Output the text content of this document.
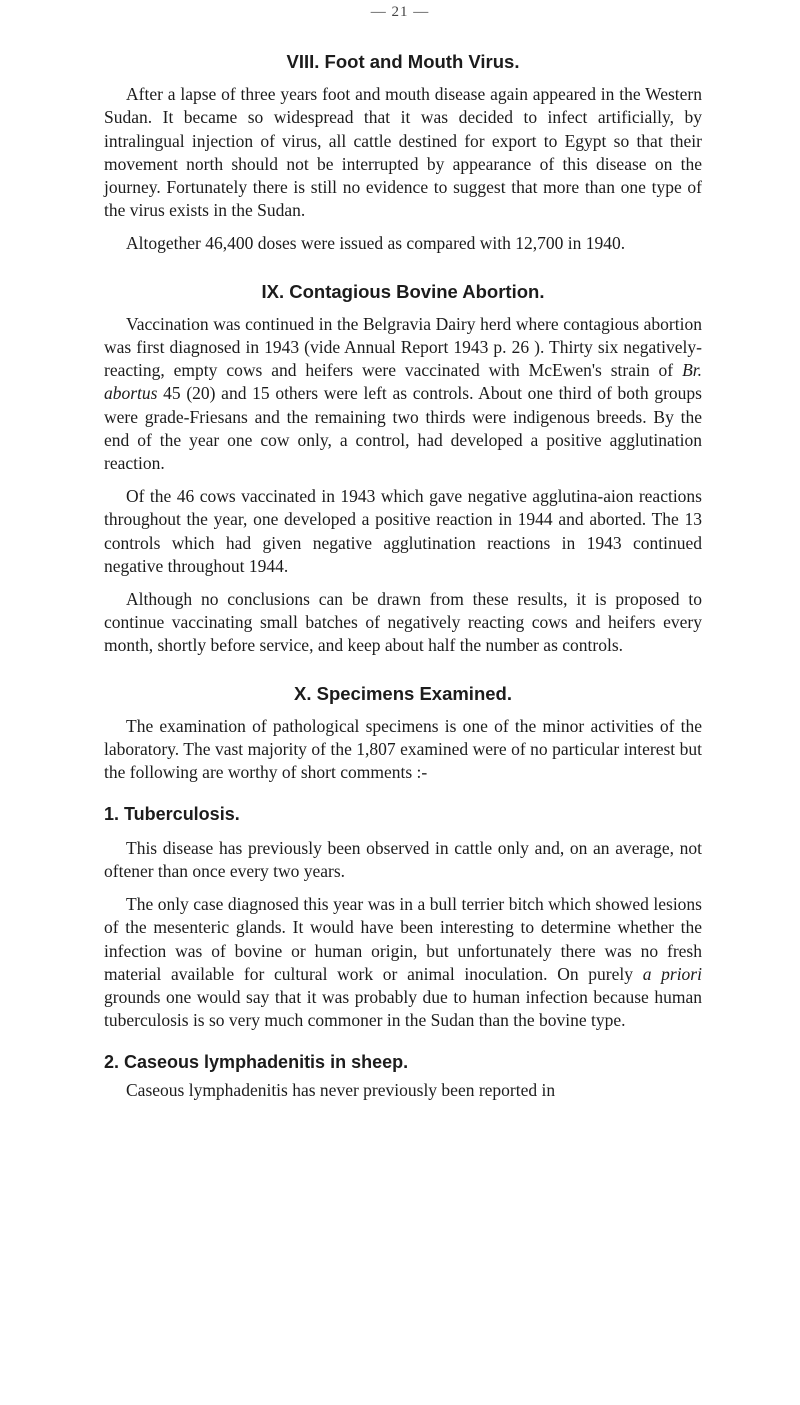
— 21 —
VIII. Foot and Mouth Virus.

After a lapse of three years foot and mouth disease again appeared in the Western Sudan. It became so widespread that it was decided to infect artificially, by intralingual injection of virus, all cattle destined for export to Egypt so that their movement north should not be interrupted by appearance of this disease on the journey. Fortunately there is still no evidence to suggest that more than one type of the virus exists in the Sudan.

Altogether 46,400 doses were issued as compared with 12,700 in 1940.

IX. Contagious Bovine Abortion.

Vaccination was continued in the Belgravia Dairy herd where contagious abortion was first diagnosed in 1943 (vide Annual Report 1943 p. 26 ). Thirty six negatively-reacting, empty cows and heifers were vaccinated with McEwen's strain of Br. abortus 45 (20) and 15 others were left as controls. About one third of both groups were grade-Friesans and the remaining two thirds were indigenous breeds. By the end of the year one cow only, a control, had developed a positive agglutination reaction.

Of the 46 cows vaccinated in 1943 which gave negative agglutina-aion reactions throughout the year, one developed a positive reaction in 1944 and aborted. The 13 controls which had given negative agglutination reactions in 1943 continued negative throughout 1944.

Although no conclusions can be drawn from these results, it is proposed to continue vaccinating small batches of negatively reacting cows and heifers every month, shortly before service, and keep about half the number as controls.

X. Specimens Examined.

The examination of pathological specimens is one of the minor activities of the laboratory. The vast majority of the 1,807 examined were of no particular interest but the following are worthy of short comments :-

1. Tuberculosis.

This disease has previously been observed in cattle only and, on an average, not oftener than once every two years.

The only case diagnosed this year was in a bull terrier bitch which showed lesions of the mesenteric glands. It would have been interesting to determine whether the infection was of bovine or human origin, but unfortunately there was no fresh material available for cultural work or animal inoculation. On purely a priori grounds one would say that it was probably due to human infection because human tuberculosis is so very much commoner in the Sudan than the bovine type.

2. Caseous lymphadenitis in sheep.

Caseous lymphadenitis has never previously been reported in
